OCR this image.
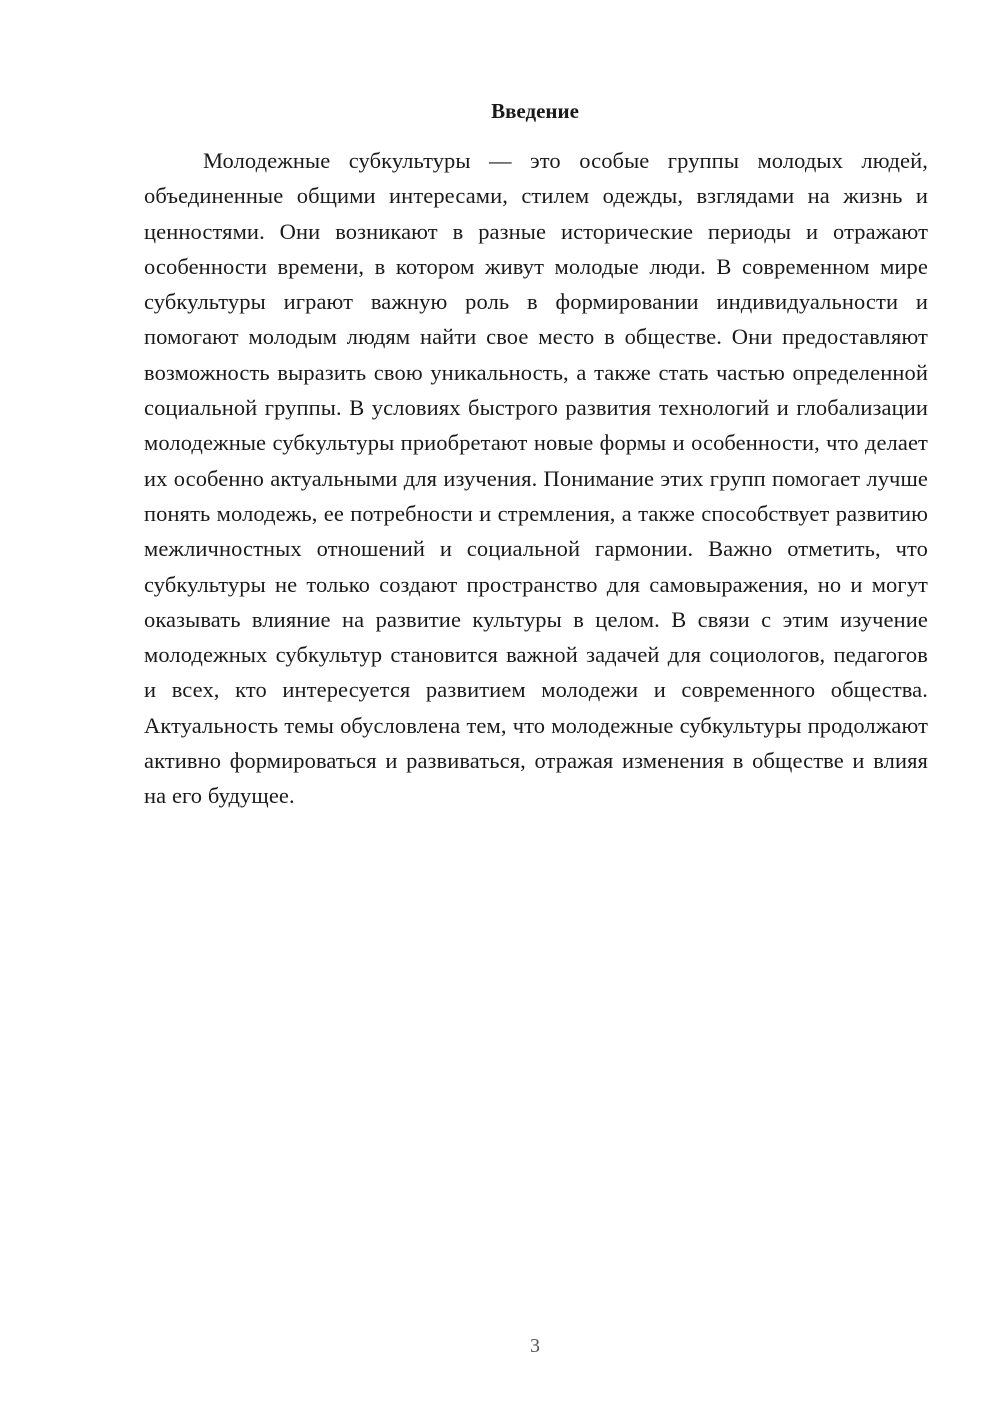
Введение

Молодежные субкультуры — это особые группы молодых людей, объединенные общими интересами, стилем одежды, взглядами на жизнь и ценностями. Они возникают в разные исторические периоды и отражают особенности времени, в котором живут молодые люди. В современном мире субкультуры играют важную роль в формировании индивидуальности и помогают молодым людям найти свое место в обществе. Они предоставляют возможность выразить свою уникальность, а также стать частью определенной социальной группы. В условиях быстрого развития технологий и глобализации молодежные субкультуры приобретают новые формы и особенности, что делает их особенно актуальными для изучения. Понимание этих групп помогает лучше понять молодежь, ее потребности и стремления, а также способствует развитию межличностных отношений и социальной гармонии. Важно отметить, что субкультуры не только создают пространство для самовыражения, но и могут оказывать влияние на развитие культуры в целом. В связи с этим изучение молодежных субкультур становится важной задачей для социологов, педагогов и всех, кто интересуется развитием молодежи и современного общества. Актуальность темы обусловлена тем, что молодежные субкультуры продолжают активно формироваться и развиваться, отражая изменения в обществе и влияя на его будущее.

3
